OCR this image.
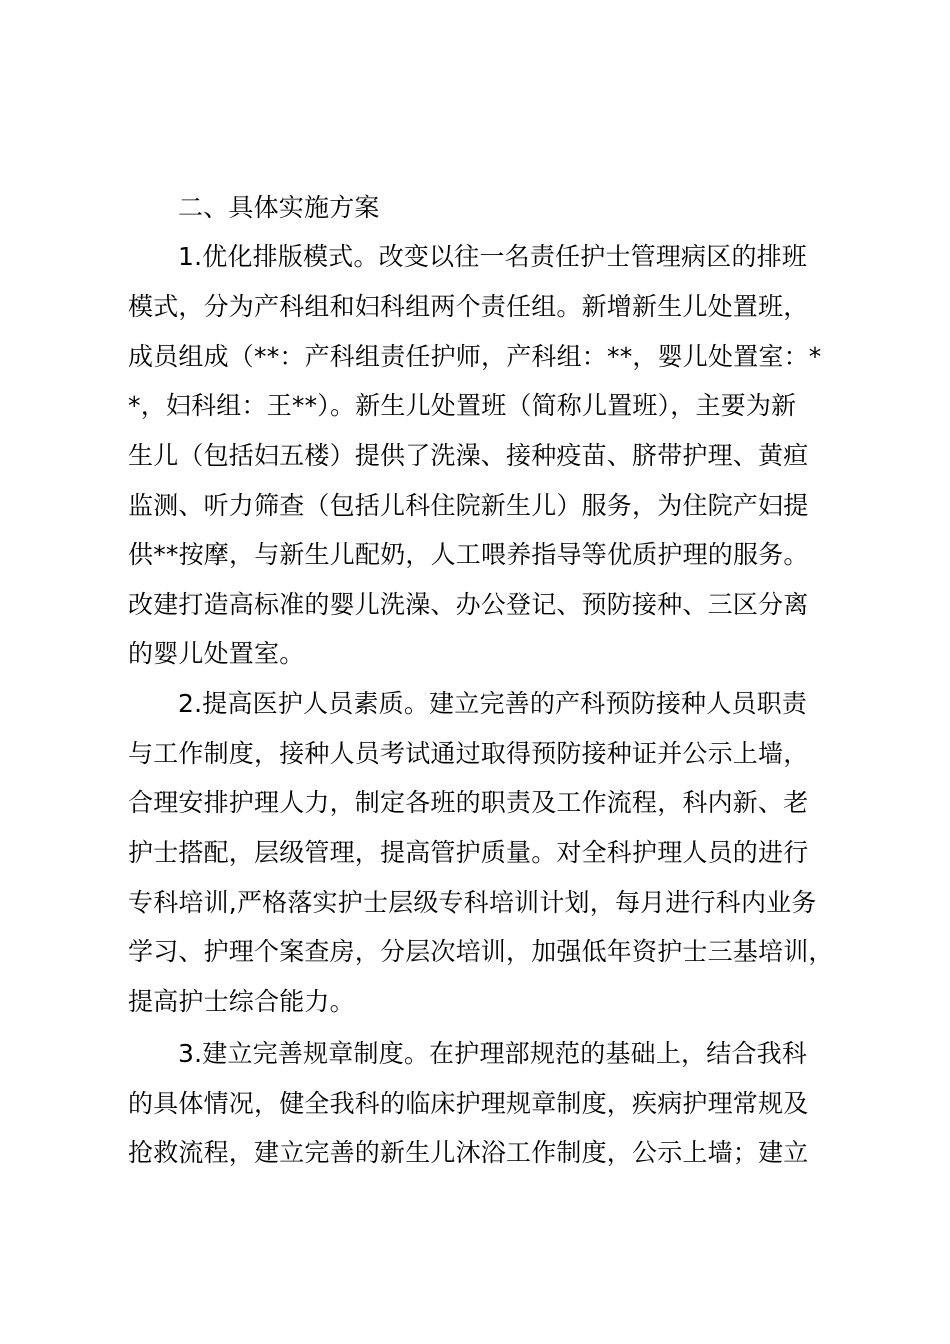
二、具体实施方案
1.优化排版模式。改变以往一名责任护士管理病区的排班
模式，分为产科组和妇科组两个责任组。新增新生儿处置班，
成员组成（**：产科组责任护师，产科组：**，婴儿处置室：*
*，妇科组：王**）。新生儿处置班（简称儿置班），主要为新
生儿（包括妇五楼）提供了洗澡、接种疫苗、脐带护理、黄疸
监测、听力筛查（包括儿科住院新生儿）服务，为住院产妇提
供**按摩，与新生儿配奶，人工喂养指导等优质护理的服务。
改建打造高标准的婴儿洗澡、办公登记、预防接种、三区分离
的婴儿处置室。
2.提高医护人员素质。建立完善的产科预防接种人员职责
与工作制度，接种人员考试通过取得预防接种证并公示上墙，
合理安排护理人力，制定各班的职责及工作流程，科内新、老
护士搭配，层级管理，提高管护质量。对全科护理人员的进行
专科培训,严格落实护士层级专科培训计划，每月进行科内业务
学习、护理个案查房，分层次培训，加强低年资护士三基培训，
提高护士综合能力。
3.建立完善规章制度。在护理部规范的基础上，结合我科
的具体情况，健全我科的临床护理规章制度，疾病护理常规及
抢救流程，建立完善的新生儿沐浴工作制度，公示上墙；建立
